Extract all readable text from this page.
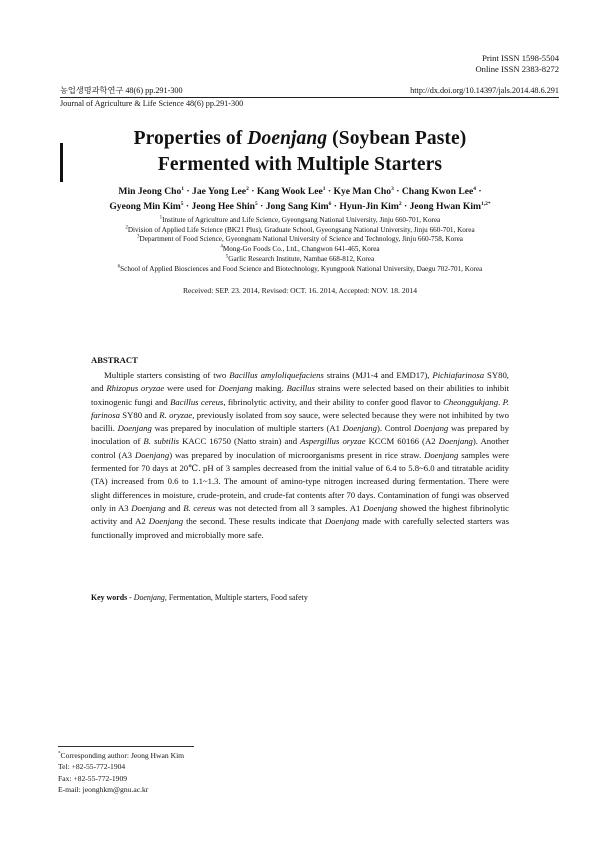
Print ISSN 1598-5504
Online ISSN 2383-8272
농업생명과학연구 48(6) pp.291-300	http://dx.doi.org/10.14397/jals.2014.48.6.291
Journal of Agriculture & Life Science 48(6) pp.291-300
Properties of Doenjang (Soybean Paste)
Fermented with Multiple Starters
Min Jeong Cho$^1$ · Jae Yong Lee$^2$ · Kang Wook Lee$^1$ · Kye Man Cho$^3$ · Chang Kwon Lee$^4$ ·
Gyeong Min Kim$^5$ · Jeong Hee Shin$^5$ · Jong Sang Kim$^6$ · Hyun-Jin Kim$^2$ · Jeong Hwan Kim$^{1,2*}$
$^1$Institute of Agriculture and Life Science, Gyeongsang National University, Jinju 660-701, Korea
$^2$Division of Applied Life Science (BK21 Plus), Graduate School, Gyeongsang National University, Jinju 660-701, Korea
$^3$Department of Food Science, Gyeongnam National University of Science and Technology, Jinju 660-758, Korea
$^4$Mong-Go Foods Co., Ltd., Changwon 641-465, Korea
$^5$Garlic Research Institute, Namhae 668-812, Korea
$^6$School of Applied Biosciences and Food Science and Biotechnology, Kyungpook National University, Daegu 702-701, Korea
Received: SEP. 23. 2014, Revised: OCT. 16. 2014, Accepted: NOV. 18. 2014
ABSTRACT
Multiple starters consisting of two Bacillus amyloliquefaciens strains (MJ1-4 and EMD17), Pichiafarinosa SY80, and Rhizopus oryzae were used for Doenjang making. Bacillus strains were selected based on their abilities to inhibit toxinogenic fungi and Bacillus cereus, fibrinolytic activity, and their ability to confer good flavor to Cheonggukjang. P. farinosa SY80 and R. oryzae, previously isolated from soy sauce, were selected because they were not inhibited by two bacilli. Doenjang was prepared by inoculation of multiple starters (A1 Doenjang). Control Doenjang was prepared by inoculation of B. subtilis KACC 16750 (Natto strain) and Aspergillus oryzae KCCM 60166 (A2 Doenjang). Another control (A3 Doenjang) was prepared by inoculation of microorganisms present in rice straw. Doenjang samples were fermented for 70 days at 20℃. pH of 3 samples decreased from the initial value of 6.4 to 5.8~6.0 and titratable acidity (TA) increased from 0.6 to 1.1~1.3. The amount of amino-type nitrogen increased during fermentation. There were slight differences in moisture, crude-protein, and crude-fat contents after 70 days. Contamination of fungi was observed only in A3 Doenjang and B. cereus was not detected from all 3 samples. A1 Doenjang showed the highest fibrinolytic activity and A2 Doenjang the second. These results indicate that Doenjang made with carefully selected starters was functionally improved and microbially more safe.
Key words - Doenjang, Fermentation, Multiple starters, Food safety
*Corresponding author: Jeong Hwan Kim
Tel: +82-55-772-1904
Fax: +82-55-772-1909
E-mail: jeonghkm@gnu.ac.kr
